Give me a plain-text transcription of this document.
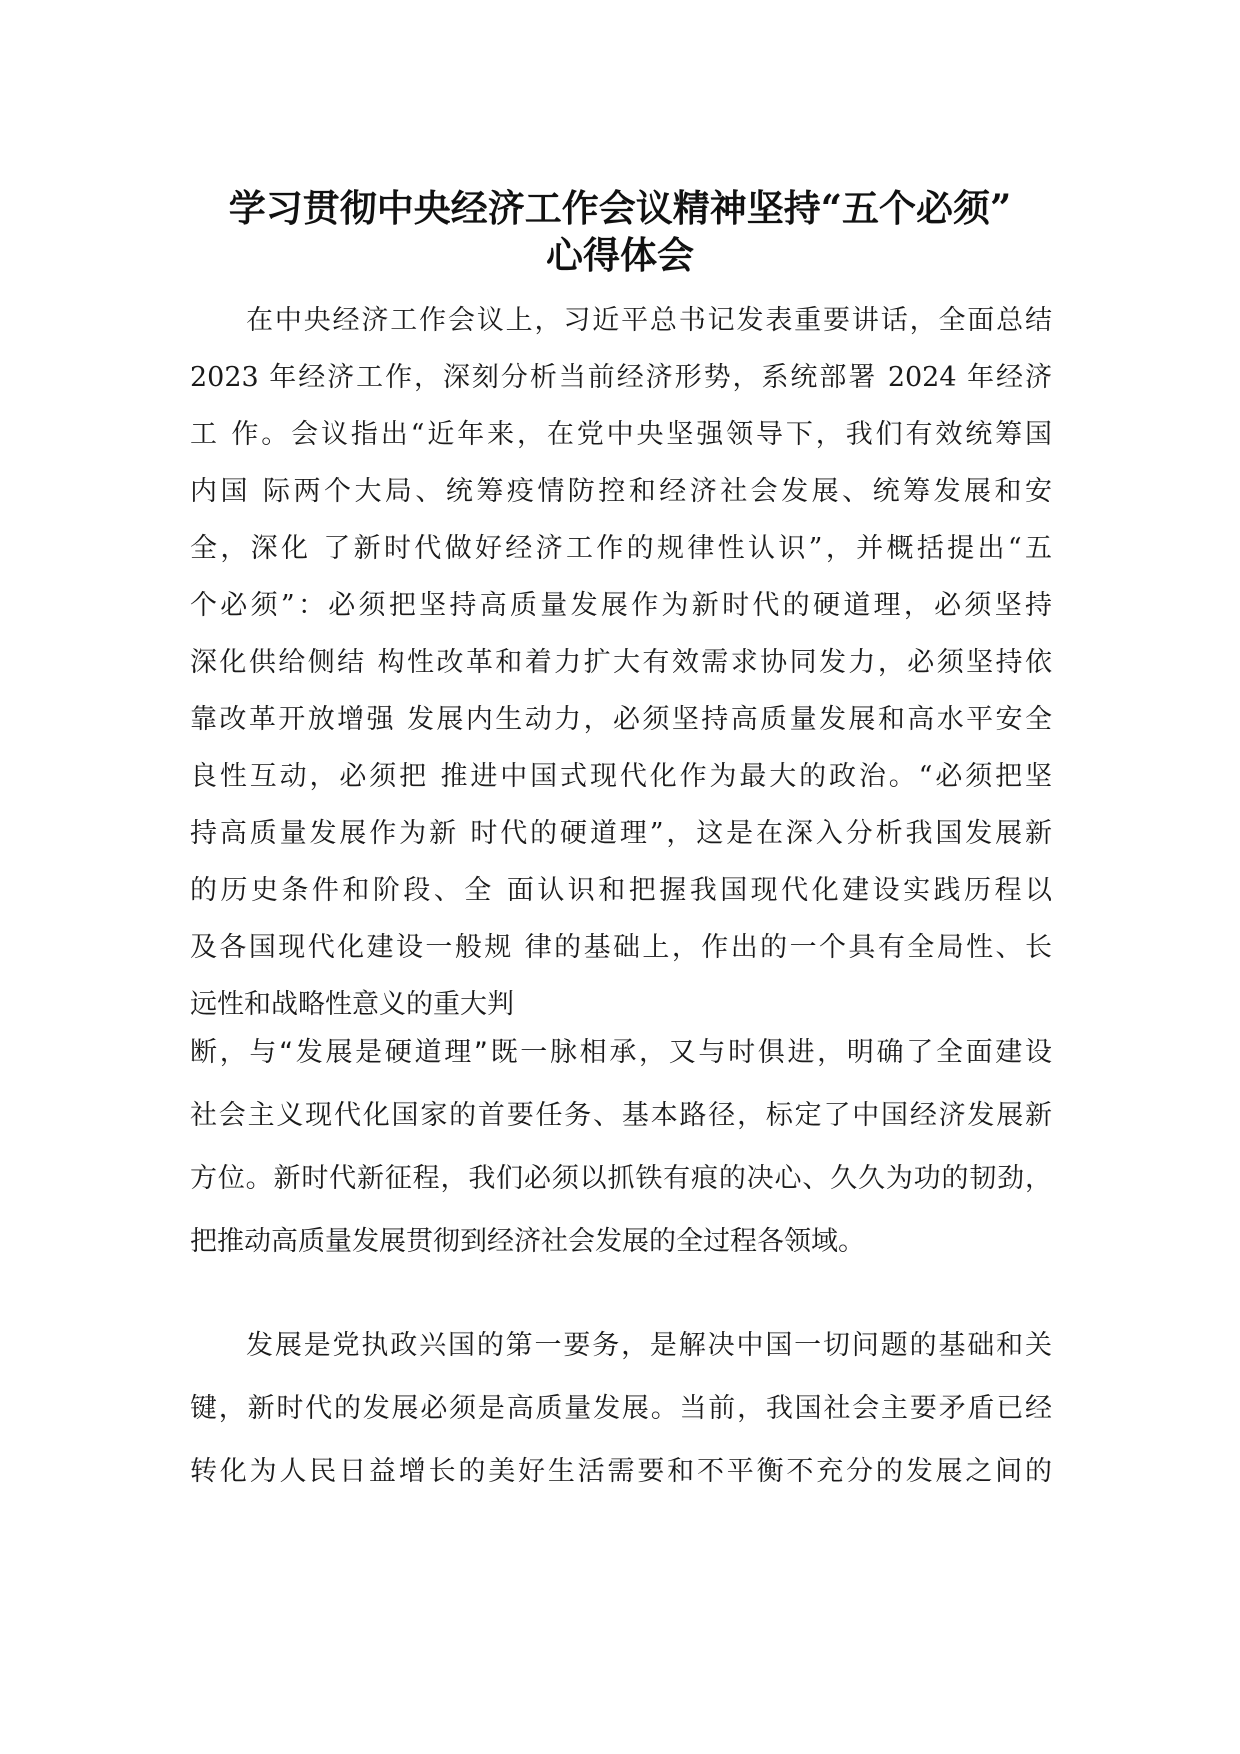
学习贯彻中央经济工作会议精神坚持“五个必须”
心得体会

在中央经济工作会议上，习近平总书记发表重要讲话，全面总结

2023 年经济工作，深刻分析当前经济形势，系统部署 2024 年经济

工 作。会议指出“近年来，在党中央坚强领导下，我们有效统筹国

内国 际两个大局、统筹疫情防控和经济社会发展、统筹发展和安

全，深化 了新时代做好经济工作的规律性认识”，并概括提出“五

个必须”：必须把坚持高质量发展作为新时代的硬道理，必须坚持

深化供给侧结 构性改革和着力扩大有效需求协同发力，必须坚持依

靠改革开放增强 发展内生动力，必须坚持高质量发展和高水平安全

良性互动，必须把 推进中国式现代化作为最大的政治。“必须把坚

持高质量发展作为新 时代的硬道理”，这是在深入分析我国发展新

的历史条件和阶段、全 面认识和把握我国现代化建设实践历程以

及各国现代化建设一般规 律的基础上，作出的一个具有全局性、长

远性和战略性意义的重大判

断，与“发展是硬道理”既一脉相承，又与时俱进，明确了全面建设

社会主义现代化国家的首要任务、基本路径，标定了中国经济发展新

方位。新时代新征程，我们必须以抓铁有痕的决心、久久为功的韧劲，

把推动高质量发展贯彻到经济社会发展的全过程各领域。

发展是党执政兴国的第一要务，是解决中国一切问题的基础和关

键，新时代的发展必须是高质量发展。当前，我国社会主要矛盾已经

转化为人民日益增长的美好生活需要和不平衡不充分的发展之间的
